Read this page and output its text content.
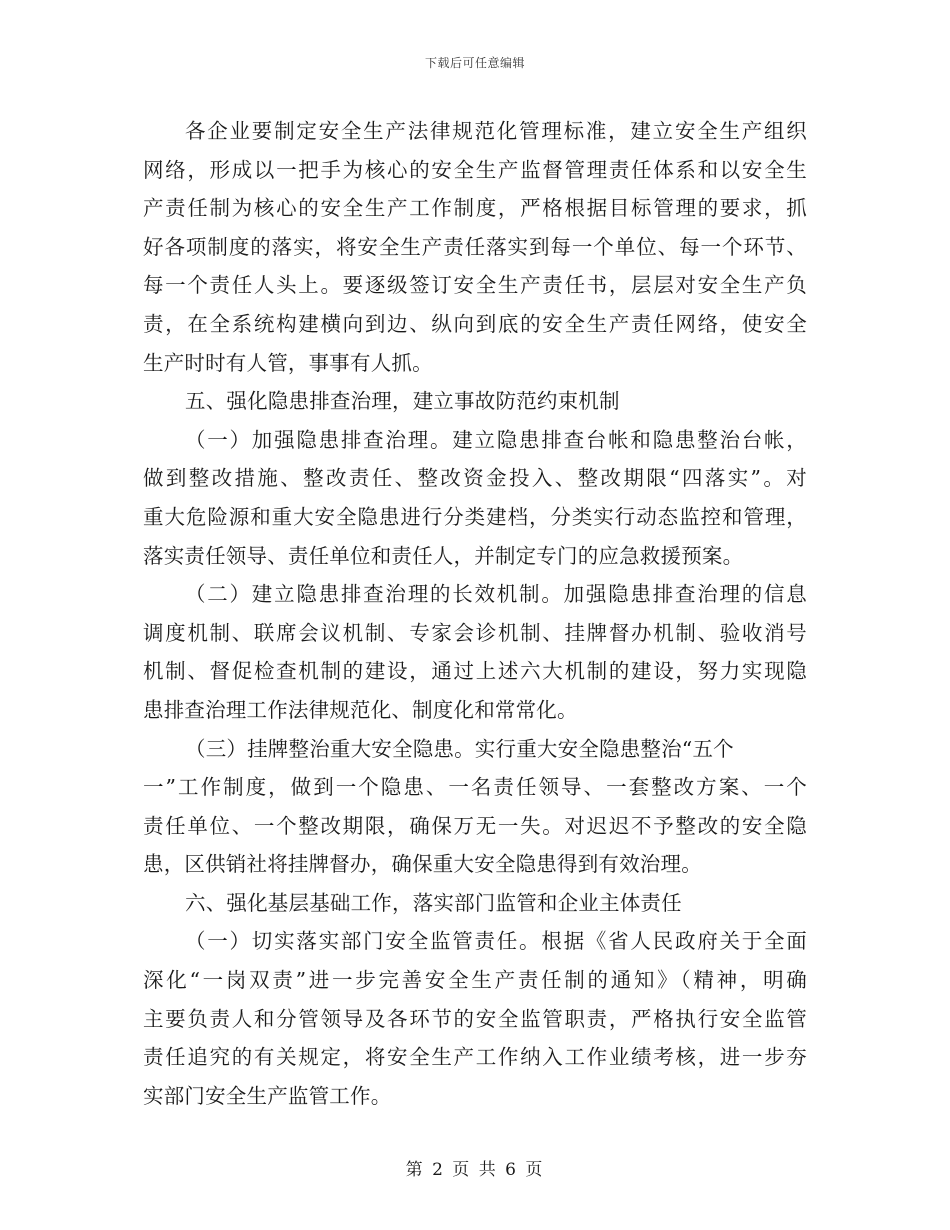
下载后可任意编辑
各企业要制定安全生产法律规范化管理标准，建立安全生产组织
网络，形成以一把手为核心的安全生产监督管理责任体系和以安全生
产责任制为核心的安全生产工作制度，严格根据目标管理的要求，抓
好各项制度的落实，将安全生产责任落实到每一个单位、每一个环节、
每一个责任人头上。要逐级签订安全生产责任书，层层对安全生产负
责，在全系统构建横向到边、纵向到底的安全生产责任网络，使安全
生产时时有人管，事事有人抓。
五、强化隐患排查治理，建立事故防范约束机制
（一）加强隐患排查治理。建立隐患排查台帐和隐患整治台帐，
做到整改措施、整改责任、整改资金投入、整改期限“四落实”。对
重大危险源和重大安全隐患进行分类建档，分类实行动态监控和管理，
落实责任领导、责任单位和责任人，并制定专门的应急救援预案。
（二）建立隐患排查治理的长效机制。加强隐患排查治理的信息
调度机制、联席会议机制、专家会诊机制、挂牌督办机制、验收消号
机制、督促检查机制的建设，通过上述六大机制的建设，努力实现隐
患排查治理工作法律规范化、制度化和常常化。
（三）挂牌整治重大安全隐患。实行重大安全隐患整治“五个
一”工作制度，做到一个隐患、一名责任领导、一套整改方案、一个
责任单位、一个整改期限，确保万无一失。对迟迟不予整改的安全隐
患，区供销社将挂牌督办，确保重大安全隐患得到有效治理。
六、强化基层基础工作，落实部门监管和企业主体责任
（一）切实落实部门安全监管责任。根据《省人民政府关于全面
深化“一岗双责”进一步完善安全生产责任制的通知》（精神，明确
主要负责人和分管领导及各环节的安全监管职责，严格执行安全监管
责任追究的有关规定，将安全生产工作纳入工作业绩考核，进一步夯
实部门安全生产监管工作。
第 2 页 共 6 页
